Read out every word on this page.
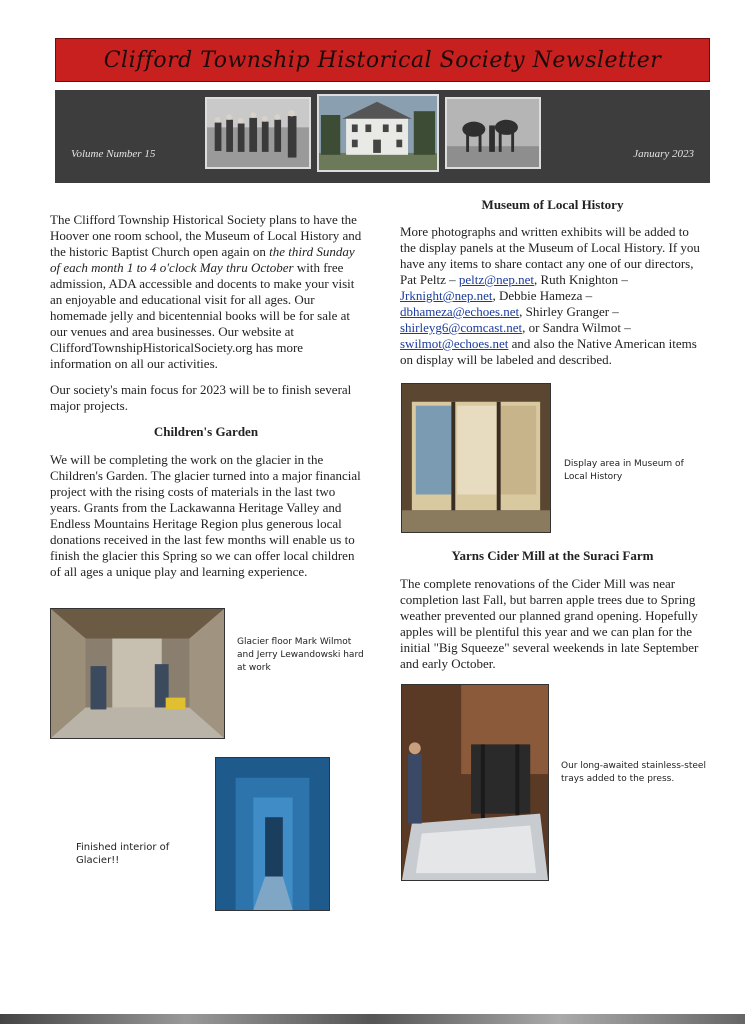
Clifford Township Historical Society Newsletter
Volume Number 15	January 2023

The Clifford Township Historical Society plans to have the Hoover one room school, the Museum of Local History and the historic Baptist Church open again on the third Sunday of each month 1 to 4 o'clock May thru October with free admission, ADA accessible and docents to make your visit an enjoyable and educational visit for all ages. Our homemade jelly and bicentennial books will be for sale at our venues and area businesses. Our website at CliffordTownshipHistoricalSociety.org has more information on all our activities.

Our society's main focus for 2023 will be to finish several major projects.

Children's Garden

We will be completing the work on the glacier in the Children's Garden. The glacier turned into a major financial project with the rising costs of materials in the last two years. Grants from the Lackawanna Heritage Valley and Endless Mountains Heritage Region plus generous local donations received in the last few months will enable us to finish the glacier this Spring so we can offer local children of all ages a unique play and learning experience.

Glacier floor Mark Wilmot and Jerry Lewandowski hard at work
Finished interior of Glacier!!
Museum of Local History

More photographs and written exhibits will be added to the display panels at the Museum of Local History. If you have any items to share contact any one of our directors, Pat Peltz – peltz@nep.net, Ruth Knighton – Jrknight@nep.net, Debbie Hameza – dbhameza@echoes.net, Shirley Granger – shirleyg6@comcast.net, or Sandra Wilmot – swilmot@echoes.net and also the Native American items on display will be labeled and described.

Display area in Museum of Local History
Yarns Cider Mill at the Suraci Farm

The complete renovations of the Cider Mill was near completion last Fall, but barren apple trees due to Spring weather prevented our planned grand opening. Hopefully apples will be plentiful this year and we can plan for the initial "Big Squeeze" several weekends in late September and early October.

Our long-awaited stainless-steel trays added to the press.
